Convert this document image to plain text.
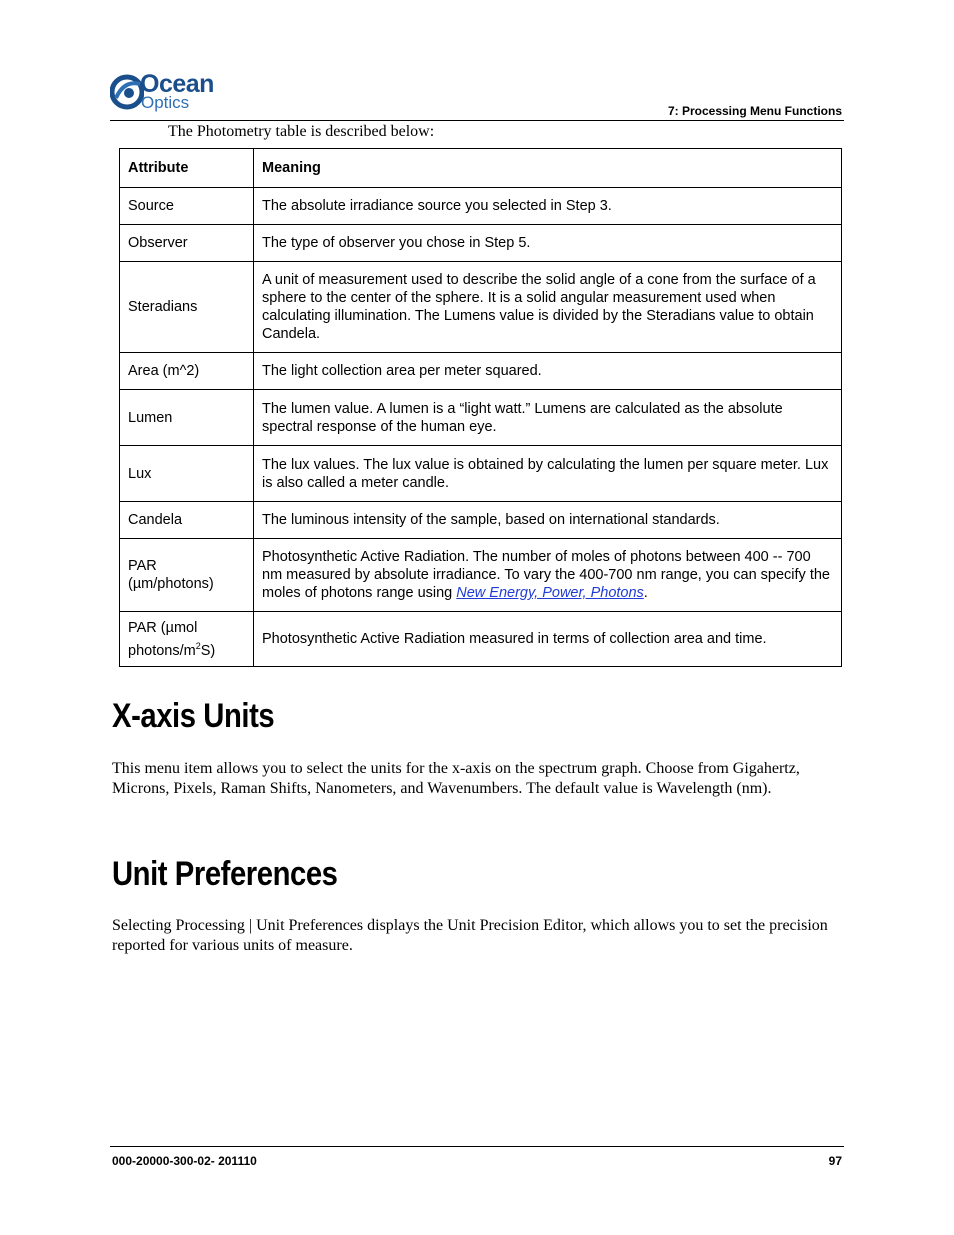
Ocean
Optics	7: Processing Menu Functions
The Photometry table is described below:
Attribute	Meaning
Source	The absolute irradiance source you selected in Step 3.
Observer	The type of observer you chose in Step 5.
Steradians	A unit of measurement used to describe the solid angle of a cone from the surface of a sphere to the center of the sphere. It is a solid angular measurement used when calculating illumination. The Lumens value is divided by the Steradians value to obtain Candela.
Area (m^2)	The light collection area per meter squared.
Lumen	The lumen value. A lumen is a “light watt.” Lumens are calculated as the absolute spectral response of the human eye.
Lux	The lux values. The lux value is obtained by calculating the lumen per square meter. Lux is also called a meter candle.
Candela	The luminous intensity of the sample, based on international standards.
PAR
(µm/photons)	Photosynthetic Active Radiation. The number of moles of photons between 400 -- 700 nm measured by absolute irradiance. To vary the 400-700 nm range, you can specify the moles of photons range using New Energy, Power, Photons.
PAR (µmol
photons/$m^2S$)	Photosynthetic Active Radiation measured in terms of collection area and time.
X-axis Units

This menu item allows you to select the units for the x-axis on the spectrum graph. Choose from Gigahertz, Microns, Pixels, Raman Shifts, Nanometers, and Wavenumbers. The default value is Wavelength (nm).

Unit Preferences

Selecting Processing | Unit Preferences displays the Unit Precision Editor, which allows you to set the precision reported for various units of measure.

000-20000-300-02- 201110	97
